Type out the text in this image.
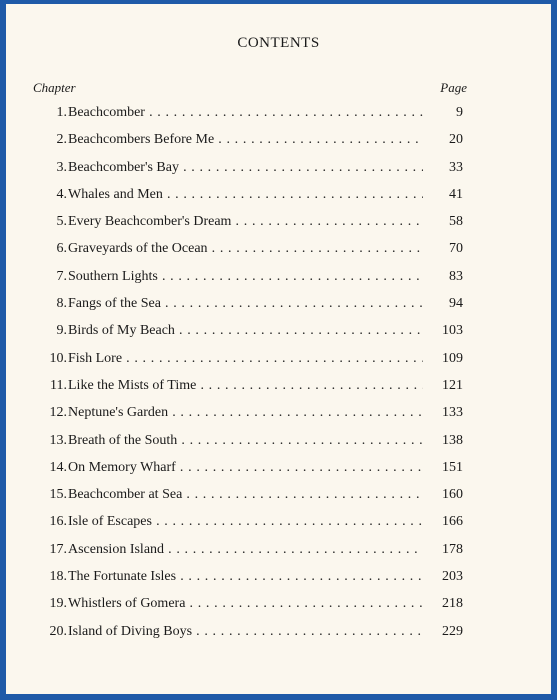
CONTENTS
Chapter	Page
1. Beachcomber . . .	9
2. Beachcombers Before Me . . .	20
3. Beachcomber's Bay . . .	33
4. Whales and Men . . .	41
5. Every Beachcomber's Dream . . .	58
6. Graveyards of the Ocean . . .	70
7. Southern Lights . . .	83
8. Fangs of the Sea . . .	94
9. Birds of My Beach . . .	103
10. Fish Lore . . .	109
11. Like the Mists of Time . . .	121
12. Neptune's Garden . . .	133
13. Breath of the South . . .	138
14. On Memory Wharf . . .	151
15. Beachcomber at Sea . . .	160
16. Isle of Escapes . . .	166
17. Ascension Island . . .	178
18. The Fortunate Isles . . .	203
19. Whistlers of Gomera . . .	218
20. Island of Diving Boys . . .	229
